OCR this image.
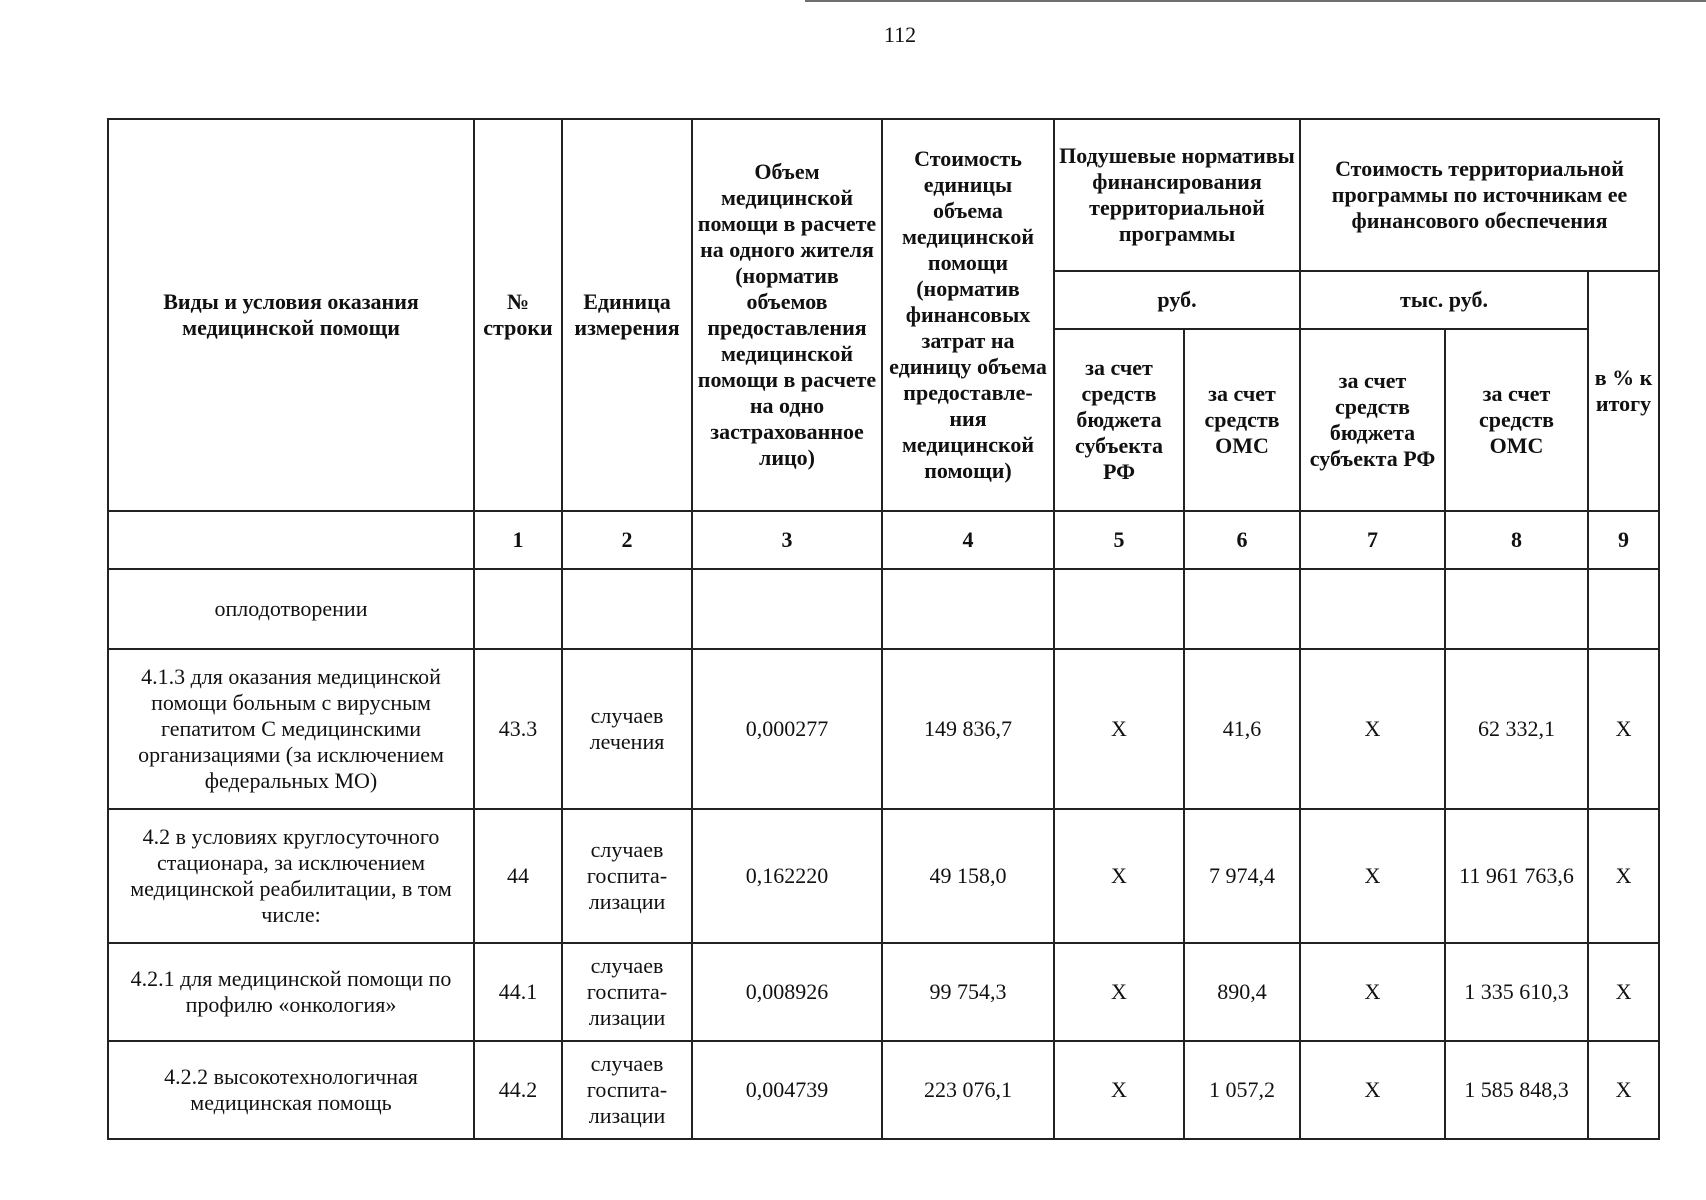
112
Виды и условия оказания медицинской помощи	№ строки	Единица измерения	Объем медицинской помощи в расчете на одного жителя (норматив объемов предоставления медицинской помощи в расчете на одно застрахованное лицо)	Стоимость единицы объема медицинской помощи (норматив финансовых затрат на единицу объема предоставле-ния медицинской помощи)	Подушевые нормативы финансирования территориальной программы		Стоимость территориальной программы по источникам ее финансового обеспечения		
					руб.		тыс. руб.		в % к итогу
					за счет средств бюджета субъекта РФ	за счет средств ОМС	за счет средств бюджета субъекта РФ	за счет средств ОМС	
	1	2	3	4	5	6	7	8	9
оплодотворении									
4.1.3 для оказания медицинской помощи больным с вирусным гепатитом С медицинскими организациями (за исключением федеральных МО)	43.3	случаев лечения	0,000277	149 836,7	Х	41,6	Х	62 332,1	Х
4.2 в условиях круглосуточного стационара, за исключением медицинской реабилитации, в том числе:	44	случаев госпита-лизации	0,162220	49 158,0	Х	7 974,4	Х	11 961 763,6	Х
4.2.1 для медицинской помощи по профилю «онкология»	44.1	случаев госпита-лизации	0,008926	99 754,3	Х	890,4	Х	1 335 610,3	Х
4.2.2 высокотехнологичная медицинская помощь	44.2	случаев госпита-лизации	0,004739	223 076,1	Х	1 057,2	Х	1 585 848,3	Х
